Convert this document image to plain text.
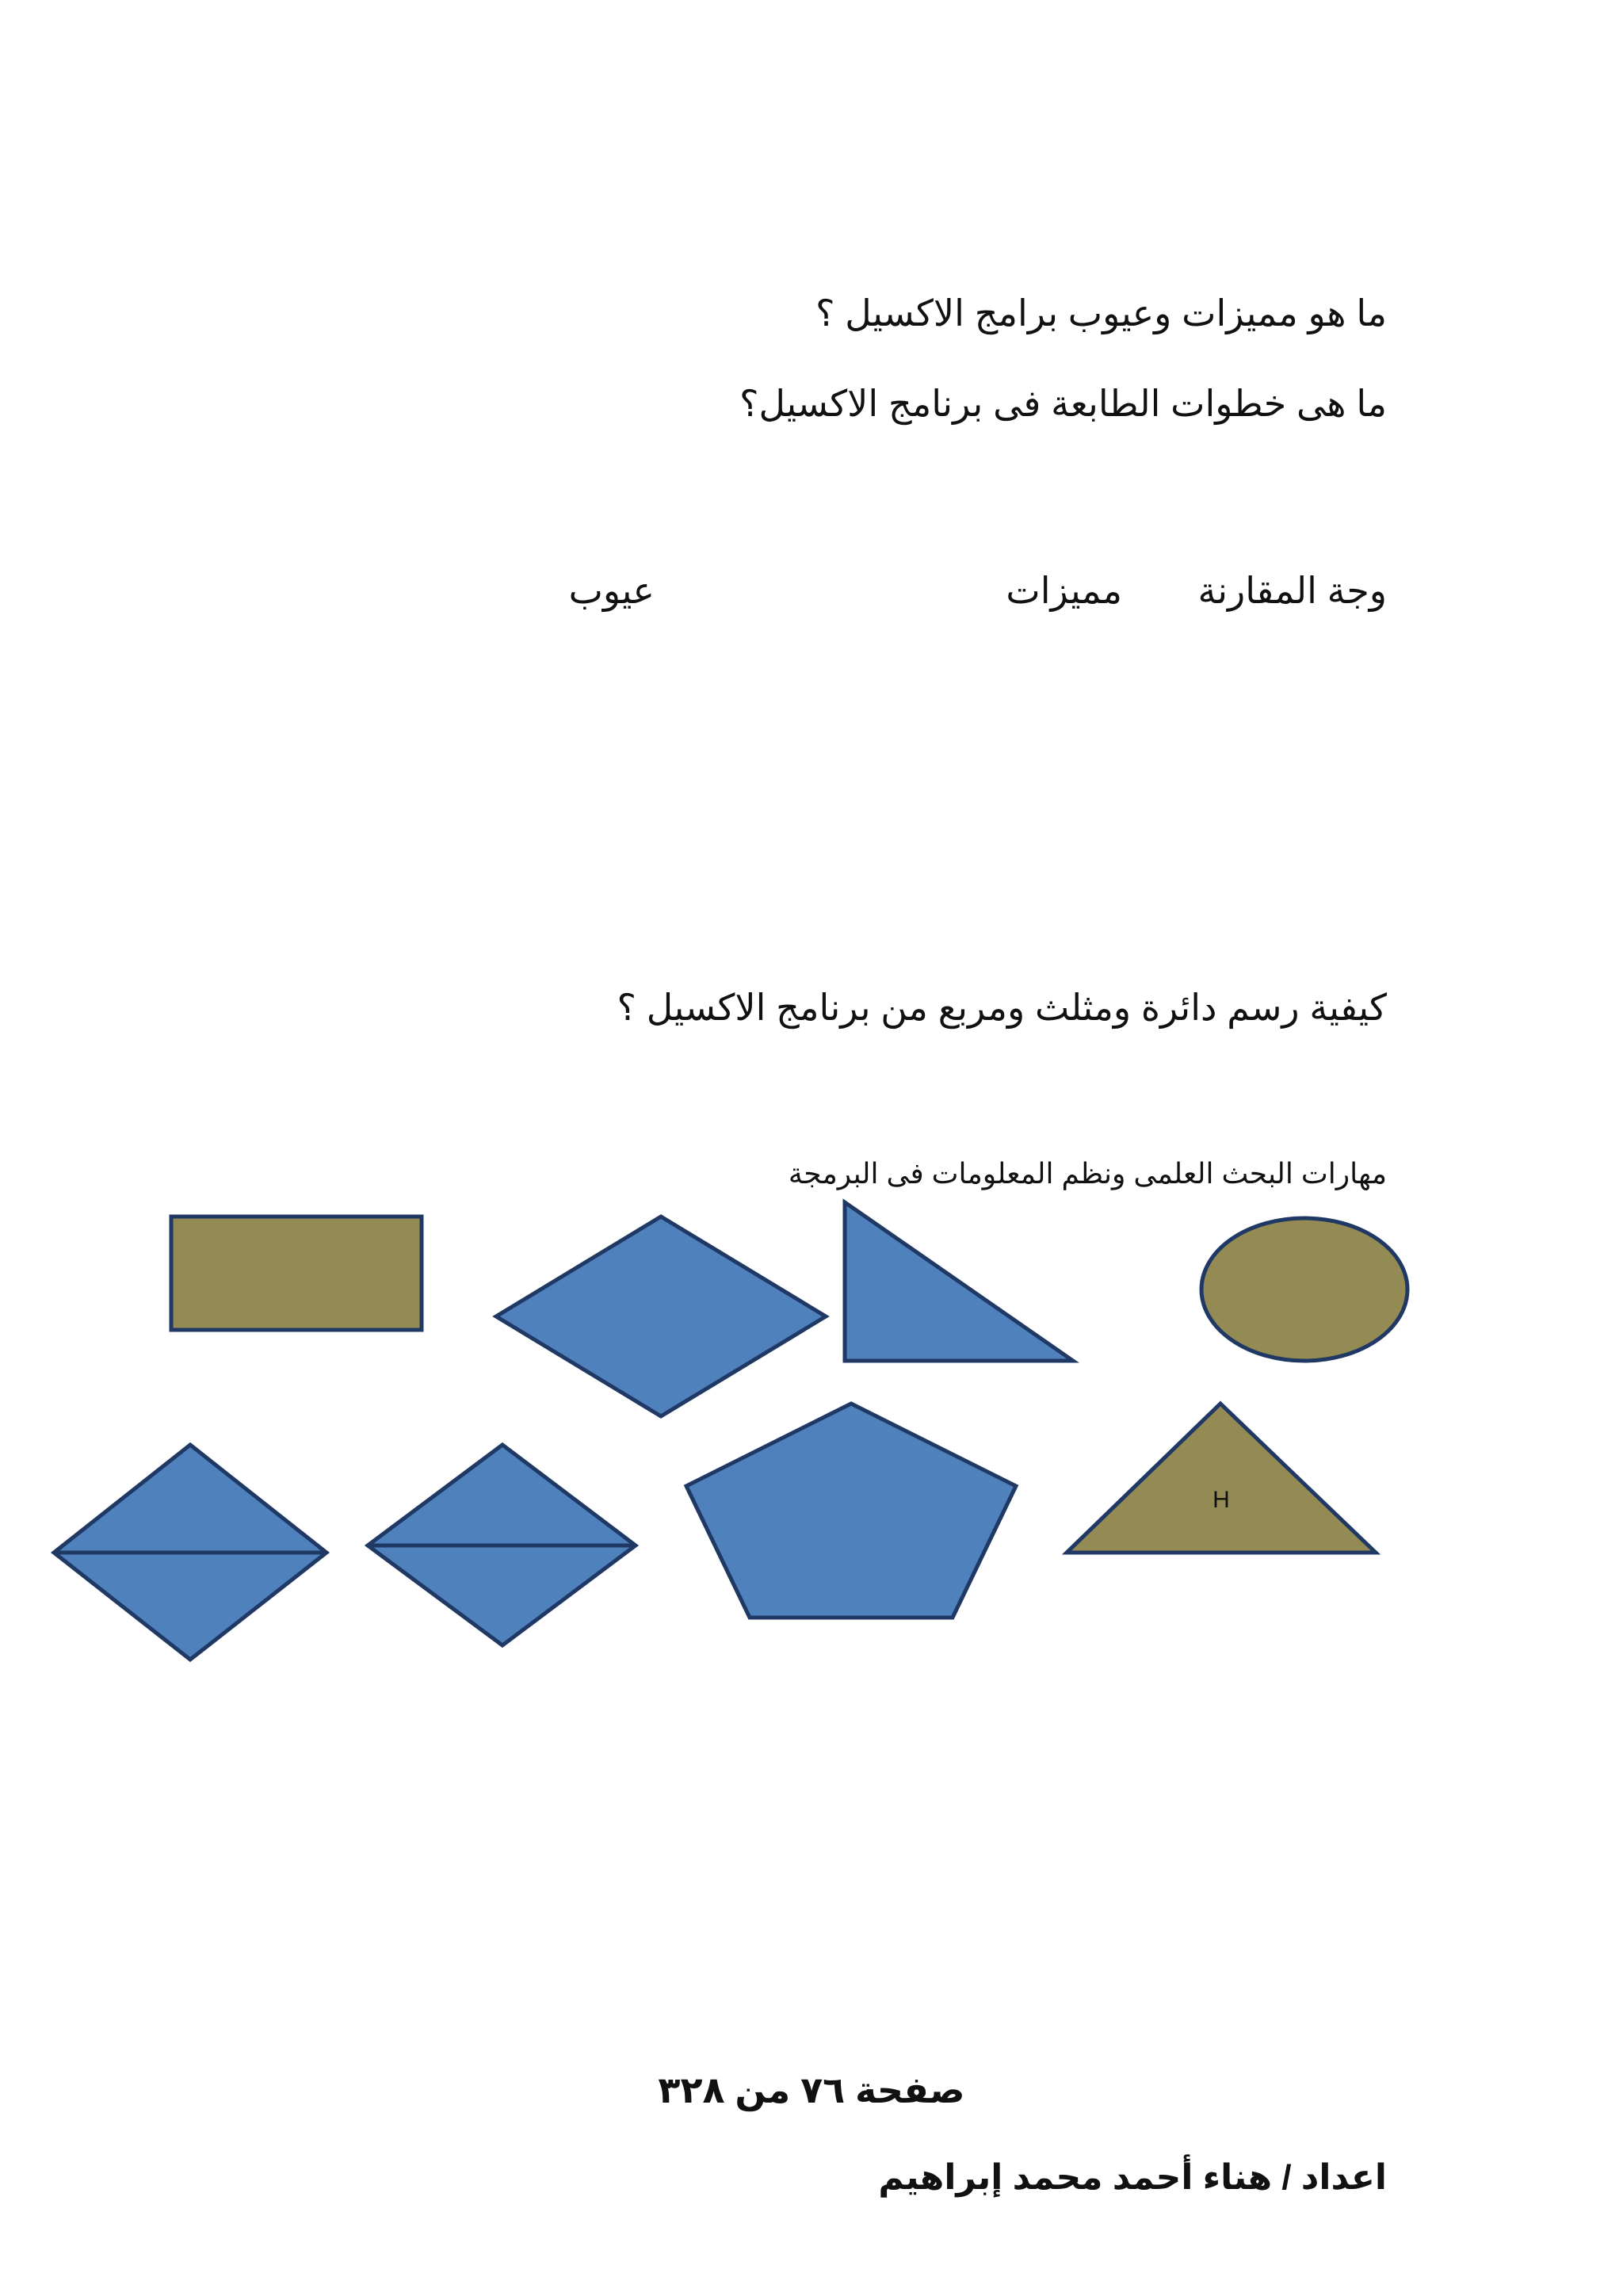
ما هو مميزات وعيوب برامج الاكسيل ؟
ما هى خطوات الطابعة فى برنامج الاكسيل؟
وجة المقارنة
مميزات
عيوب
كيفية رسم دائرة ومثلث ومربع من برنامج الاكسيل ؟
مهارات البحث العلمى ونظم المعلومات فى البرمجة
H
صفحة ٧٦ من ٣٢٨
اعداد / هناء أحمد محمد إبراهيم
